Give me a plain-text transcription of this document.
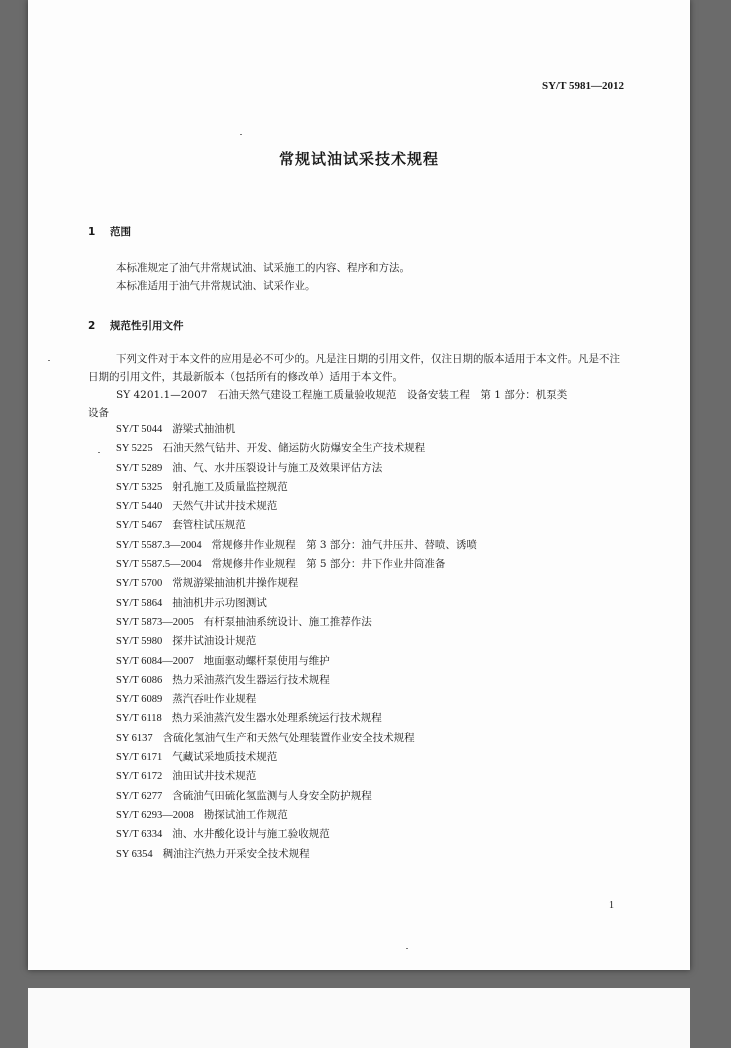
SY/T 5981—2012
常规试油试采技术规程
1 范围

本标准规定了油气井常规试油、试采施工的内容、程序和方法。

本标准适用于油气井常规试油、试采作业。

2 规范性引用文件

下列文件对于本文件的应用是必不可少的。凡是注日期的引用文件，仅注日期的版本适用于本文件。凡是不注日期的引用文件，其最新版本（包括所有的修改单）适用于本文件。

SY 4201.1—2007　石油天然气建设工程施工质量验收规范　设备安装工程　第 1 部分：机泵类

设备

SY/T 5044 游梁式抽油机
SY 5225 石油天然气钻井、开发、储运防火防爆安全生产技术规程
SY/T 5289 油、气、水井压裂设计与施工及效果评估方法
SY/T 5325 射孔施工及质量监控规范
SY/T 5440 天然气井试井技术规范
SY/T 5467 套管柱试压规范
SY/T 5587.3—2004 常规修井作业规程　第 3 部分：油气井压井、替喷、诱喷
SY/T 5587.5—2004 常规修井作业规程　第 5 部分：井下作业井筒准备
SY/T 5700 常规游梁抽油机井操作规程
SY/T 5864 抽油机井示功图测试
SY/T 5873—2005 有杆泵抽油系统设计、施工推荐作法
SY/T 5980 探井试油设计规范
SY/T 6084—2007 地面驱动螺杆泵使用与维护
SY/T 6086 热力采油蒸汽发生器运行技术规程
SY/T 6089 蒸汽吞吐作业规程
SY/T 6118 热力采油蒸汽发生器水处理系统运行技术规程
SY 6137 含硫化氢油气生产和天然气处理装置作业安全技术规程
SY/T 6171 气藏试采地质技术规范
SY/T 6172 油田试井技术规范
SY/T 6277 含硫油气田硫化氢监测与人身安全防护规程
SY/T 6293—2008 勘探试油工作规范
SY/T 6334 油、水井酸化设计与施工验收规范
SY 6354 稠油注汽热力开采安全技术规程
1
